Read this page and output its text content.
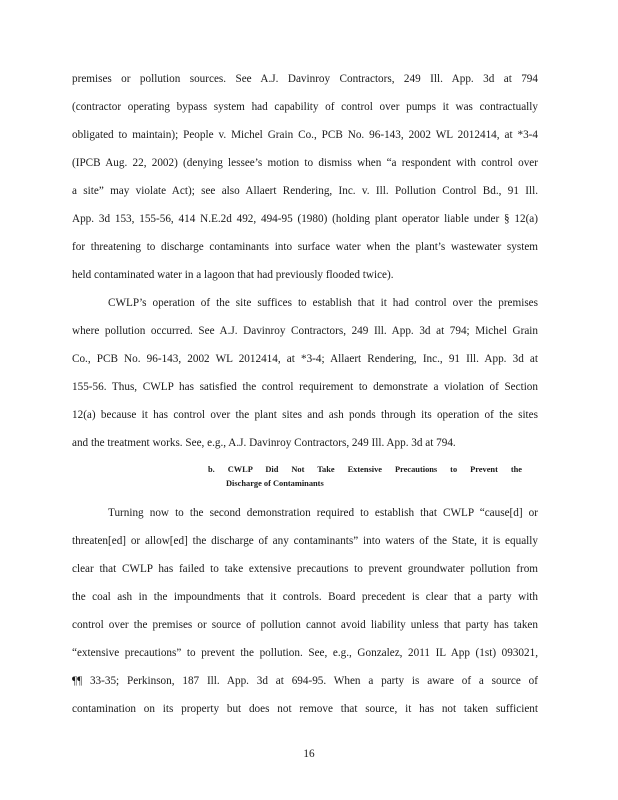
premises or pollution sources. See A.J. Davinroy Contractors, 249 Ill. App. 3d at 794
(contractor operating bypass system had capability of control over pumps it was contractually
obligated to maintain); People v. Michel Grain Co., PCB No. 96-143, 2002 WL 2012414, at *3-4
(IPCB Aug. 22, 2002) (denying lessee’s motion to dismiss when “a respondent with control over
a site” may violate Act); see also Allaert Rendering, Inc. v. Ill. Pollution Control Bd., 91 Ill.
App. 3d 153, 155-56, 414 N.E.2d 492, 494-95 (1980) (holding plant operator liable under § 12(a)
for threatening to discharge contaminants into surface water when the plant’s wastewater system
held contaminated water in a lagoon that had previously flooded twice).
CWLP’s operation of the site suffices to establish that it had control over the premises
where pollution occurred. See A.J. Davinroy Contractors, 249 Ill. App. 3d at 794; Michel Grain
Co., PCB No. 96-143, 2002 WL 2012414, at *3-4; Allaert Rendering, Inc., 91 Ill. App. 3d at
155-56. Thus, CWLP has satisfied the control requirement to demonstrate a violation of Section
12(a) because it has control over the plant sites and ash ponds through its operation of the sites
and the treatment works. See, e.g., A.J. Davinroy Contractors, 249 Ill. App. 3d at 794.
b. CWLP Did Not Take Extensive Precautions to Prevent the
Discharge of Contaminants
Turning now to the second demonstration required to establish that CWLP “cause[d] or
threaten[ed] or allow[ed] the discharge of any contaminants” into waters of the State, it is equally
clear that CWLP has failed to take extensive precautions to prevent groundwater pollution from
the coal ash in the impoundments that it controls. Board precedent is clear that a party with
control over the premises or source of pollution cannot avoid liability unless that party has taken
“extensive precautions” to prevent the pollution. See, e.g., Gonzalez, 2011 IL App (1st) 093021,
¶¶ 33-35; Perkinson, 187 Ill. App. 3d at 694-95. When a party is aware of a source of
contamination on its property but does not remove that source, it has not taken sufficient
16
